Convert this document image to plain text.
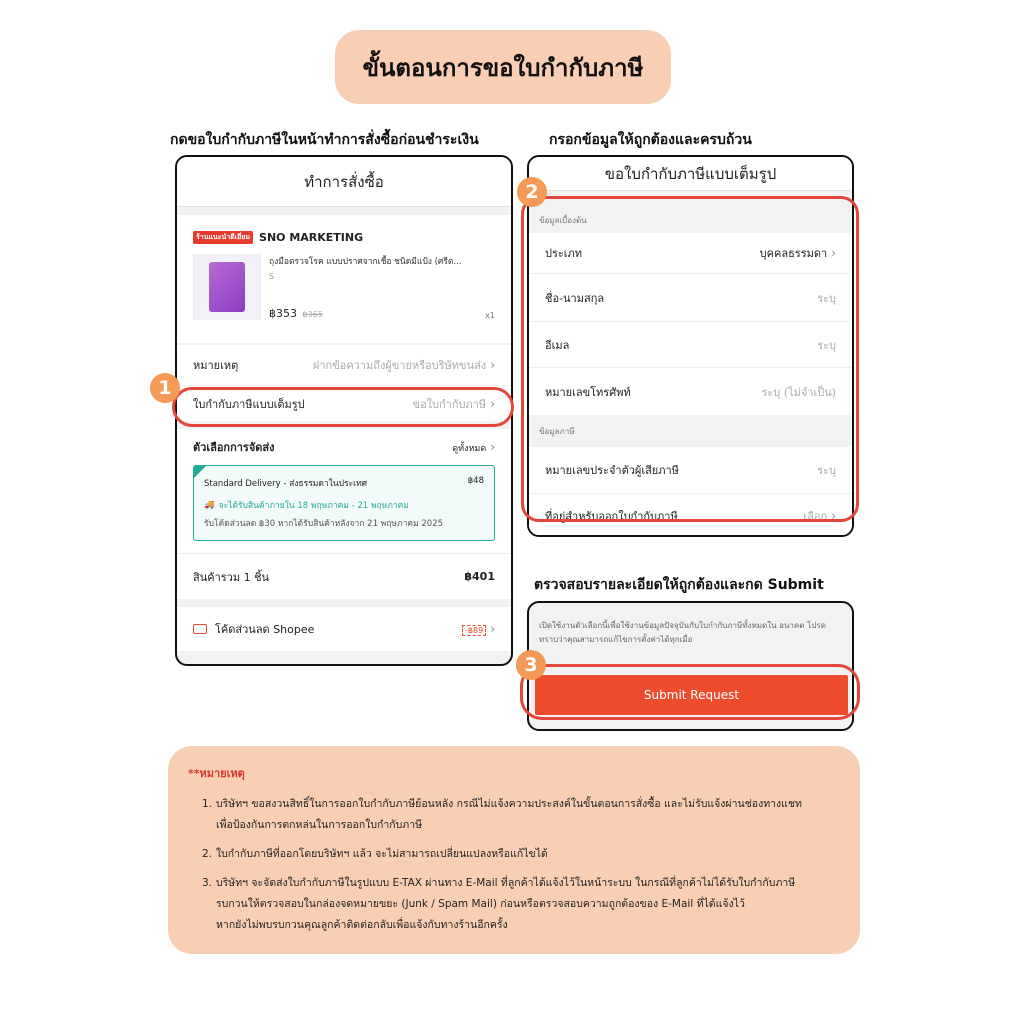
ขั้นตอนการขอใบกำกับภาษี
กดขอใบกำกับภาษีในหน้าทำการสั่งซื้อก่อนชำระเงิน	กรอกข้อมูลให้ถูกต้องและครบถ้วน
ตรวจสอบรายละเอียดให้ถูกต้องและกด Submit
ทำการสั่งซื้อ
ร้านแนะนำดีเยี่ยม SNO MARKETING
ถุงมือตรวจโรค แบบปราศจากเชื้อ ชนิดมีแป้ง (ศรีต...
S
฿353 ฿365	x1
หมายเหตุ	ฝากข้อความถึงผู้ขายหรือบริษัทขนส่ง ›
ใบกำกับภาษีแบบเต็มรูป	ขอใบกำกับภาษี ›
ตัวเลือกการจัดส่ง	ดูทั้งหมด ›
Standard Delivery - ส่งธรรมดาในประเทศ	฿48
🚚 จะได้รับสินค้าภายใน 18 พฤษภาคม - 21 พฤษภาคม
รับโค้ดส่วนลด ฿30 หากได้รับสินค้าหลังจาก 21 พฤษภาคม 2025
สินค้ารวม 1 ชิ้น	฿401
โค้ดส่วนลด Shopee	-฿89 ›
ขอใบกำกับภาษีแบบเต็มรูป
ข้อมูลเบื้องต้น
ประเภท	บุคคลธรรมดา ›
ชื่อ-นามสกุล	ระบุ
อีเมล	ระบุ
หมายเลขโทรศัพท์	ระบุ (ไม่จำเป็น)
ข้อมูลภาษี
หมายเลขประจำตัวผู้เสียภาษี	ระบุ
ที่อยู่สำหรับออกใบกำกับภาษี	เลือก ›
เปิดใช้งานตัวเลือกนี้เพื่อใช้งานข้อมูลปัจจุบันกับใบกำกับภาษีทั้งหมดใน อนาคต โปรดทราบว่าคุณสามารถแก้ไขการตั้งค่าได้ทุกเมื่อ
Submit Request
1
2
3
**หมายเหตุ
1. บริษัทฯ ขอสงวนสิทธิ์ในการออกใบกำกับภาษีย้อนหลัง กรณีไม่แจ้งความประสงค์ในขั้นตอนการสั่งซื้อ และไม่รับแจ้งผ่านช่องทางแชท
เพื่อป้องกันการตกหล่นในการออกใบกำกับภาษี
2. ใบกำกับภาษีที่ออกโดยบริษัทฯ แล้ว จะไม่สามารถเปลี่ยนแปลงหรือแก้ไขได้
3. บริษัทฯ จะจัดส่งใบกำกับภาษีในรูปแบบ E-TAX ผ่านทาง E-Mail ที่ลูกค้าได้แจ้งไว้ในหน้าระบบ ในกรณีที่ลูกค้าไม่ได้รับใบกำกับภาษี
รบกวนให้ตรวจสอบในกล่องจดหมายขยะ (Junk / Spam Mail) ก่อนหรือตรวจสอบความถูกต้องของ E-Mail ที่ได้แจ้งไว้
หากยังไม่พบรบกวนคุณลูกค้าติดต่อกลับเพื่อแจ้งกับทางร้านอีกครั้ง
